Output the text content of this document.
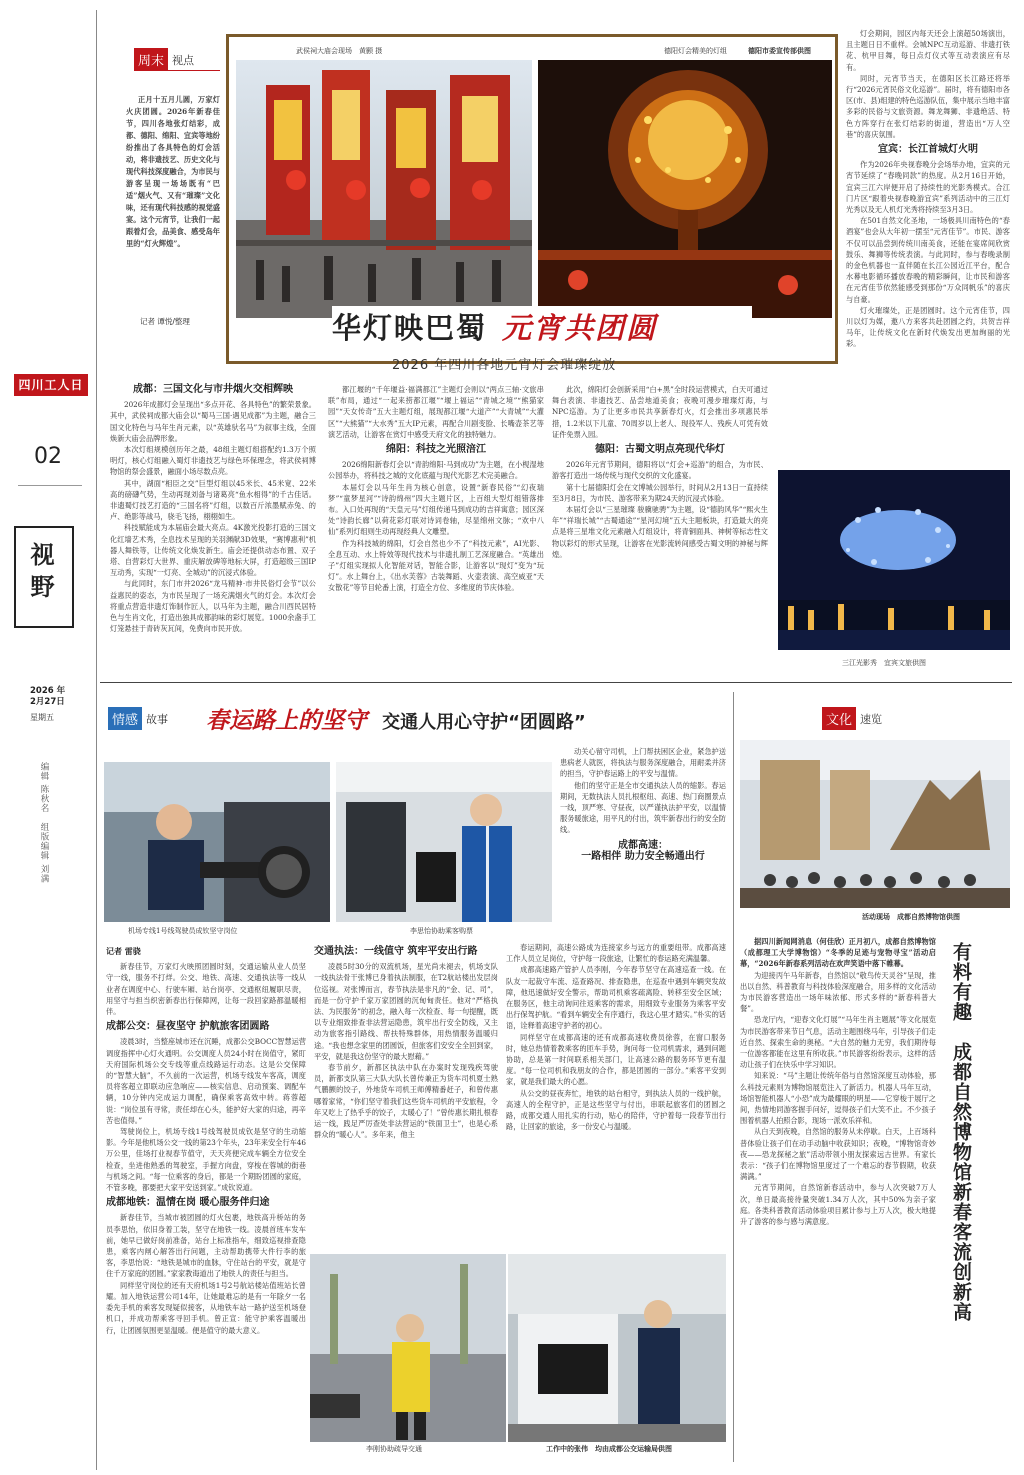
四川工人日报
02
视野
2026 年
2月27日
星期五
编辑 陈秋名　组版编辑 刘满
周末 视点

正月十五月儿圆，万家灯火庆团圆。2026年新春佳节，四川各地张灯结彩，成都、德阳、绵阳、宜宾等地纷纷推出了各具特色的灯会活动，将非遗技艺、历史文化与现代科技深度融合，为市民与游客呈现一场场既有“巴适”烟火气、又有“璀璨”文化味，还有现代科技感的视觉盛宴。这个元宵节，让我们一起跟着灯会，品美食、感受岛年里的“灯火辉煌”。

记者 谭悦/整理
武侯祠大庙会现场　黄颢 摄	德阳灯会精美的灯组	德阳市委宣传部供图
华灯映巴蜀 元宵共团圆
2026 年四川各地元宵灯会璀璨绽放

灯会期间，园区内每天还会上演超50场演出，且主题日日不重样。会城NPC互动巡游、非遗打铁花、杭甲目舞，每日点灯仪式等互动表演应有尽有。

同时，元宵节当天，在德阳区长江路还将举行“2026元宵民俗文化巡游”。届时，将有德阳市各区(市、县)组建的特色巡游队伍，集中展示当地丰富多彩的民俗与文旅资源。舞龙舞狮、非遗绝活、特色方阵穿行在张灯结彩的街道，营造出“万人空巷”的喜庆氛围。

宜宾：长江首城灯火明

作为2026年央视春晚分会场举办地，宜宾的元宵节延续了“春晚同款”的热度。从2月16日开始，宜宾三江六岸便开启了持续性的光影秀模式。合江门片区“跟着央视春晚游宜宾”系列活动中的三江灯光秀以及无人机灯光秀将持续至3月3日。

在501自然文化圣地，一场极具川南特色的“春酒宴”也会从大年初一摆至“元宵佳节”。市民、游客不仅可以品尝到传统川南美食，还能在宴席间欣赏鼓乐、舞狮等传统表演。与此同时，参与春晚录制的金色机器也一直伴随在长江公园近江平台，配合水幕电影循环播放春晚的精彩瞬间，让市民和游客在元宵佳节依然能感受到那份“万众同帆乐”的喜庆与自豪。

灯火璀璨处，正是团圆时。这个元宵佳节，四川以灯为媒，邀八方来客共赴团圆之约，共贺吉祥马年，让传统文化在新时代焕发出更加绚丽的光彩。

三江光影秀　宜宾文旅供图
成都：三国文化与市井烟火交相辉映

2026年成都灯会呈现出“多点开花、各具特色”的繁荣景象。其中，武侯祠成都大庙会以“蜀马三国·遇见成都”为主题，融合三国文化特色与马年生肖元素，以“英雄驮名马”为叙事主线，全面焕新大庙会品牌形象。

本次灯组规模创历年之最，48组主题灯组搭配约1.3万个照明灯，核心灯组融入蜀灯非遗技艺与绿色环保理念，将武侯祠博物馆的祭会盛景，融面小场尽数点亮。

其中，湖面“相臣之交”巨型灯组以45米长、45米宽、22米高的磅礴气势，生动再现刘备与诸葛亮“鱼水相得”的千古佳话。非遗蜀灯技艺打造的“三国名将”灯组，以数百斤浓墨赋赤兔、的卢、绝影等战马，骁毛飞扬，栩栩如生。

科技赋能成为本届庙会最大亮点。4K激光投影打造的三国文化红墙艺术秀，全息技术呈现的关羽渊献3D效果，“赛博惠利”机器人舞铁等，让传统文化焕发新生。庙会还提供动态布置、双子塔、自营彩灯大世界、重庆解放碑等地标大屏，打造超级三国IP互动秀，实现“一灯亮、全城动”的沉浸式体验。

与此同时，东门市井2026“龙马精神·市井民俗灯会节”以公益惠民的姿态，为市民呈现了一场充满烟火气的灯会。本次灯会将重点营造非遗灯饰制作匠人，以马年为主题，融合川西民居特色与生肖文化，打造出独具成都韵味的彩灯展览。1000余盏手工灯笼悬挂于青砖灰瓦间，免费向市民开放。

都江堰的“千年堰益·福满都江”主题灯会则以“两点三轴·文旅串联”布局，通过“一起来捞都江堰”“堰上福运”“青城之境”“熊猫家园”“天女传奇”五大主题灯组，展现都江堰“大道产”“大青城”“大灌区”“大熊猫”“大水秀”五大IP元素，再配合川剧变脸、长嘴壶茶艺等演艺活动，让游客在赏灯中感受天府文化的独特魅力。

绵阳：科技之光照涪江

2026绵阳新春灯会以“青韵绵阳·马到成功”为主题，在小枧湿地公园举办，将科技之城的文化底蕴与现代光影艺术完美融合。

本届灯会以马年生肖为核心创意，设置“新春民俗”“幻夜瑞梦”“童梦星河”“诗韵绵州”四大主题片区，上百组大型灯组错落排布。入口处再现的“天皇元马”灯组传递马到成功的吉祥寓意；园区深处“诗韵长廊”以荷花彩灯联对诗词卷轴，尽显绵州文脉；“欢中八仙”系列灯组则生动再现经典人文雕塑。

作为科技城的绵阳，灯会自然也少不了“科技元素”，AI光影、全息互动、水上特效等现代技术与非遗扎制工艺深度融合。“英雄出子”灯组实现拟人化智能对话，智能合影，让游客以“现灯”变为“玩灯”。水上舞台上，《出水芙蓉》古装舞蹈、火壶表演、高空威亚“天女散花”等节目轮番上演，打造全方位、多维度的节庆体验。

此次，绵阳灯会创新采用“白+黑”全时段运营模式，白天可通过舞台表演、非遗技艺、品尝地道美食；夜晚可漫步璀璨灯海，与NPC巡游。为了让更多市民共享新春灯火，灯会推出多项惠民举措，1.2米以下儿童、70周岁以上老人、现役军人、残疾人可凭有效证件免票入园。

德阳：古蜀文明点亮现代华灯

2026年元宵节期间，德阳将以“灯会+巡游”的组合，为市民、游客打造出一场传统与现代交织的文化盛宴。

第十七届德阳灯会在文博城公园举行，时间从2月13日一直持续至3月8日，为市民、游客带来为期24天的沉浸式体验。

本届灯会以“三星璀璨 骏骥驰骋”为主题，设“德韵风华”“熙火生年”“祥瑞长城”“古蜀通途”“星河幻境”五大主题板块，打造最大的亮点是将三星堆文化元素融入灯组设计，将青铜面具、神树等标志性文物以彩灯的形式呈现，让游客在光影流转间感受古蜀文明的神秘与辉煌。

情感 故事 春运路上的坚守 交通人用心守护“团圆路”
机场专线1号线驾驶员成钦坚守岗位	李思怡协助乘客购票

动关心留守司机，上门帮扶困区企业，紧急护送患病老人就医，将执法与服务深度融合，用耐柔并济的担当，守护春运路上的平安与温情。

他们的坚守正是全市交通执法人员的缩影。春运期间，无数执法人员扎根枢纽、高速、热门商圈景点一线，顶严寒、守昼夜，以严谨执法护平安，以温情服务暖旅途，用平凡的付出，筑牢新春出行的安全防线。

成都高速：
一路相伴 助力安全畅通出行
记者 雷骁

新春佳节，万家灯火映照团圆时刻，交通运输从业人员坚守一线，服务不打烊。公交、地铁、高速、交通执法等一线从业者在调度中心、行驶车厢、站台岗亭、交通枢纽履职尽责，用坚守与担当织密新春出行保障网，让每一段回家路都温暖相伴。

成都公交：昼夜坚守 护航旅客团圆路

凌晨3时，当整座城市还在沉睡，成都公交BOCC智慧运营调度指挥中心灯火通明。公交调度人员24小时在岗值守，紧盯天府国际机场公交专线等重点线路运行动态。这是公交保障的“智慧大脑”，不久前的一次运营，机场专线发车客高，调度员将客超立即联动应急响应——核实信息、启动预案、调配车辆，10分钟内完成运力调配，确保乘客高效中转。蒋蓉超说：“岗位虽有寻常，责任却在心头，能护好大家的归途，再辛苦也值得。”

驾驶岗位上，机场专线1号线驾驶员成钦是坚守的生动缩影。今年是他机场公交一线的第23个年头，23年来安全行车46万公里，佳场打业视春节值守，天天亮便完成车辆全方位安全检查，坐进他熟悉的驾驶室，手握方向盘，穿梭在蓉城的街巷与机场之间。“每一位乘客的身后，都是一个期盼团圆的家庭，不管多晚，都要把大家平安送到家。”成钦说道。

成都地铁：温情在岗 暖心服务伴归途

新春佳节，当城市被团圆的灯火包裹，地铁高升桥站的务员李思怡，依旧身着工装，坚守在地铁一线。凌晨首班车发车前，她早已做好岗前准备，站台上标准指车，细致巡视排查隐患，乘客内闸心解答出行问题，主动帮助携带大件行李的旅客，李思怡说：“地铁是城市的血脉，守住站台的平安，就是守住千万家庭的团圆。”家家教诲道出了地铁人的责任与担当。

同样坚守岗位的还有天府机场1号2号航站楼站值班站长曾耀。加入地铁运营公司14年，让她最难忘的是有一年除夕一名委先手机的乘客发现疑似接客，从地铁车站一路护送至机场登机口，并成功帮乘客寻回手机。曾正宣：能守护乘客温暖出行，让团圆氛围更显温暖。便是值守的最大意义。

交通执法：一线值守 筑牢平安出行路

凌晨5时30分的双流机场，星光尚未褪去，机场支队一线执法骨干张博已身着执法制服，在T2航站楼出发层岗位巡视。对张博而言，春节执法是非凡的“金、记、司”，而是一份守护千家万家团圆的沉甸甸责任。他对“严格执法、为民服务”的初念，融入每一次检查、每一句提醒，既以专业细致排查非法营运隐患，筑牢出行安全防线，又主动为旅客指引路线、帮扶特殊群体，用热情服务温暖归途。“我也想念家里的团圆饭，但旅客们安安全全回到家，平安，就是我这份坚守的最大慰藉。”

春节前夕，新都区执法中队在办案时发现残疾驾驶员，新都支队第三大队大队长曾传兼正为货车司机夏士熟气鹏颤的饺子，外地货车司机王师傅精番赶子，和曾传惠哪着家常，“你们坚守着我们这些货车司机的平安旅程，令年又吃上了热乎乎的饺子，太暖心了！”曾传惠长期扎根春运一线，践足严厉查处非法营运的“铁面卫士”，也是心系群众的“暖心人”。多年来，他主

春运期间，高速公路成为连接家乡与远方的重要纽带。成都高速工作人员立足岗位，守护每一段旅途，让繁忙的春运路充满温馨。

成都高速路产管护人员李刚，今年春节坚守在高速巡查一线。在队友一起裁守车流、巡查路况、排查隐患，在巡查中遇到车辆突发故障，他迅速做好安全警示，帮助司机乘客疏离险、转移至安全区域；在服务区，他主动询问往返乘客的需求，用细致专业服务为乘客平安出行保驾护航。“看到车辆安全有序通行，我这心里才踏实。”朴实的话语，诠释着高速守护者的初心。

同样坚守在成都高速的还有成都高速收费员徐蓉，在窗口服务时，她总热情着教乘客的匝车手势，询问每一位司机需求，遇到问题协助，总是第一时间联系相关部门，让高速公路的服务环节更有温度。“每一位司机和我朋友的合作，都是团圆的一部分。”乘客平安到家，就是我们最大的心愿。

从公交的昼夜奔忙，地铁的站台相守，到执法人员的一线护航，高速人的全程守护，正是这些坚守与付出，串联起旅客们的团圆之路，成都交通人用扎实的行动，贴心的陪伴，守护着每一段春节出行路，让回家的旅途，多一份安心与温暖。

李刚协助疏导交通	工作中的张伟　均由成都公交运输局供图
文化 速览
活动现场　成都自然博物馆供图
有料有趣　成都自然博物馆新春客流创新高

据四川新闻网消息（何佳欣）正月初八，成都自然博物馆（成都理工大学博物馆）“冬季的足迹与宠物寻宝”活动启幕，“2026年新春系列活动在欢声笑语中落下帷幕。

为迎接丙午马年新春，自然馆以“敬鸟传天灵谷”呈现，推出以自然、科普教育与科技体验深度融合，用多样的文化活动为市民游客营造出一场年味浓郁、形式多样的“新春科普大餐”。

恐龙厅内，“迎春文化灯展”“马年生肖主题展”等文化展览为市民游客带来节日气息，活动主题围绕马年，引导孩子们走近自然、探索生命的奥秘。“大自然的魅力无穷，我们期待每一位游客都能在这里有所收获。”市民游客纷纷表示，这样的活动让孩子们在快乐中学习知识。

知来说：“马”主题让传统年俗与自然馆深度互动体验，那么科技元素则为博物馆展览注入了新活力。机器人马年互动，场馆智能机器人“小恐”成为最耀眼的明星——它穿梭于展厅之间，热情地同游客握手问好，逗得孩子们大笑不止。不少孩子围着机器人拍照合影，现场一派欢乐祥和。

从白天到夜晚，自然馆的服务从未停歇。白天，上百场科普体验让孩子们在动手动脑中收获知识；夜晚，“博物馆奇妙夜——恐龙探秘之旅”活动带领小朋友探索远古世界。有家长表示：“孩子们在博物馆里度过了一个难忘的春节假期，收获满满。”

元宵节期间，自然馆新春活动中，参与人次突破7万人次，单日最高接待量突破1.34万人次，其中50%为亲子家庭。各类科普教育活动体验项目累计参与上万人次，极大地提升了游客的参与感与满意度。
